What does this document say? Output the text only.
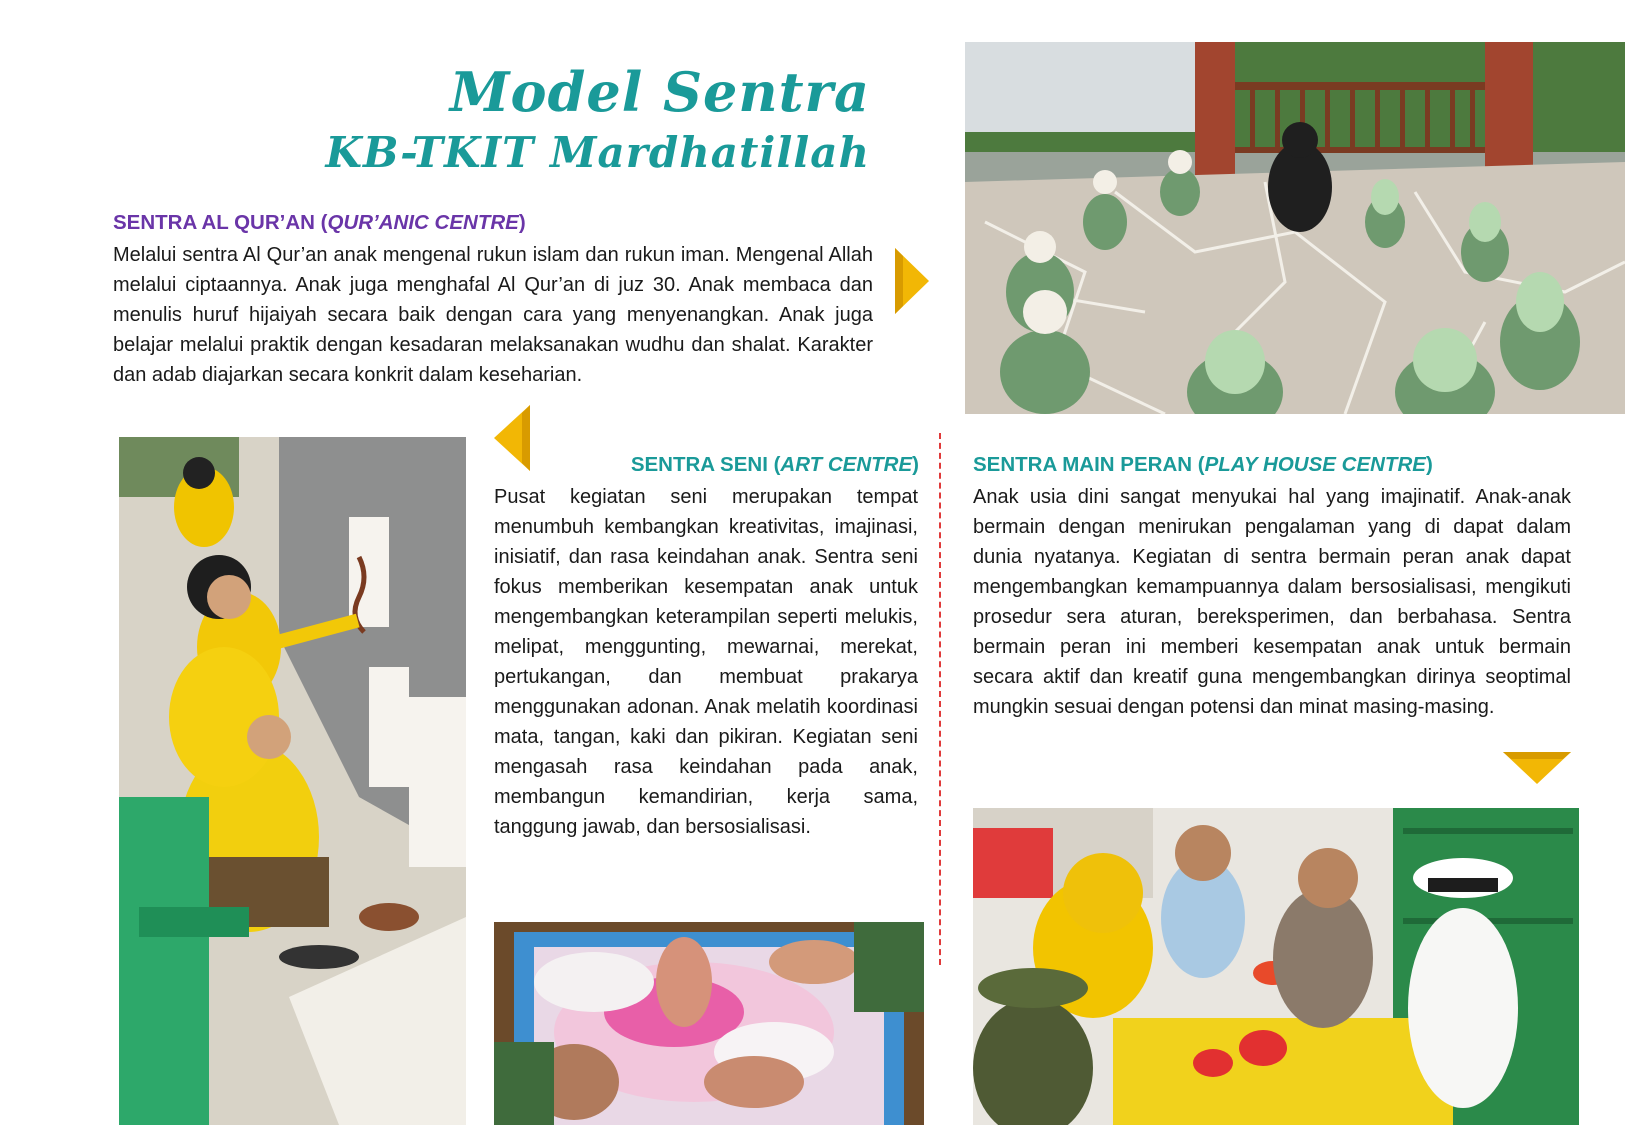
Model Sentra
KB-TKIT Mardhatillah
SENTRA AL QUR’AN (QUR’ANIC CENTRE)
Melalui sentra Al Qur’an anak mengenal rukun islam dan rukun iman. Mengenal Allah melalui ciptaannya. Anak juga menghafal Al Qur’an di juz 30. Anak membaca dan menulis huruf hijaiyah secara baik dengan cara yang menyenangkan. Anak juga belajar melalui praktik dengan kesadaran melaksanakan wudhu dan shalat. Karakter dan adab diajarkan secara konkrit dalam keseharian.
SENTRA SENI (ART CENTRE)
Pusat kegiatan seni merupakan tempat menumbuh kembangkan kreativitas, imajinasi, inisiatif, dan rasa keindahan anak. Sentra seni fokus memberikan kesempatan anak untuk mengembangkan keterampilan seperti melukis, melipat, menggunting, mewarnai, merekat, pertukangan, dan membuat prakarya menggunakan adonan. Anak melatih koordinasi mata, tangan, kaki dan pikiran. Kegiatan seni mengasah rasa keindahan pada anak, membangun kemandirian, kerja sama, tanggung jawab, dan bersosialisasi.
SENTRA MAIN PERAN (PLAY HOUSE CENTRE)
Anak usia dini sangat menyukai hal yang imajinatif. Anak-anak bermain dengan menirukan pengalaman yang di dapat dalam dunia nyatanya. Kegiatan di sentra bermain peran anak dapat mengembangkan kemampuannya dalam bersosialisasi, mengikuti prosedur sera aturan, bereksperimen, dan berbahasa. Sentra bermain peran ini memberi kesempatan anak untuk bermain secara aktif dan kreatif guna mengembangkan dirinya seoptimal mungkin sesuai dengan potensi dan minat masing-masing.
